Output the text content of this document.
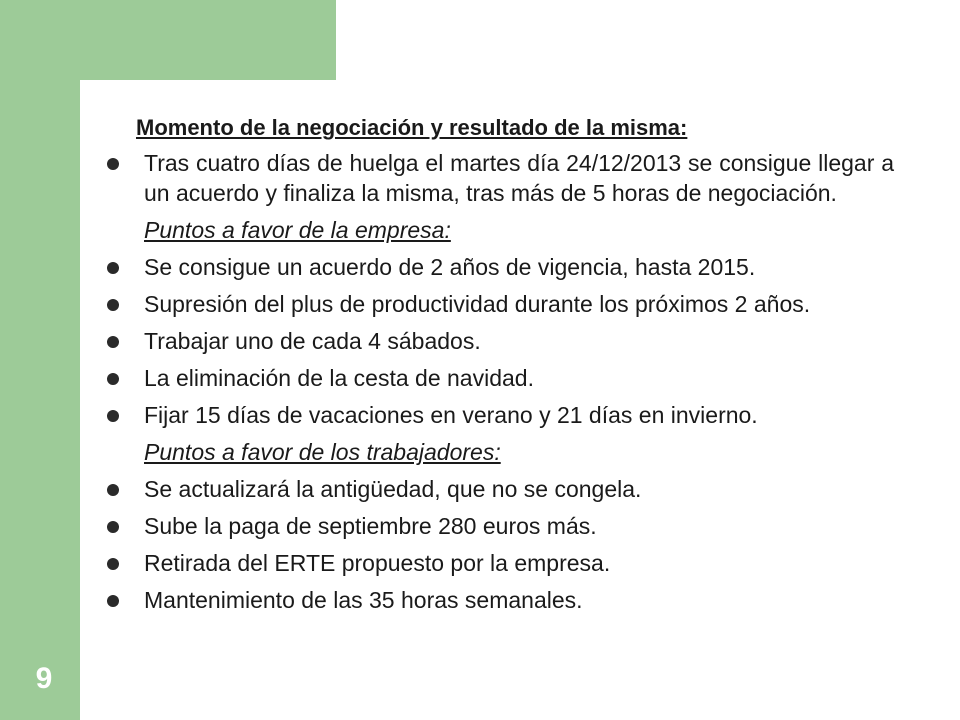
9
Momento de la negociación y resultado de la misma:
Tras cuatro días de huelga el martes día 24/12/2013 se consigue llegar a un acuerdo y finaliza la misma, tras más de 5 horas de negociación.
Puntos a favor de la empresa:
Se consigue un acuerdo de 2 años de vigencia, hasta 2015.
Supresión del plus de productividad durante los próximos 2 años.
Trabajar uno de cada 4 sábados.
La eliminación de la cesta de navidad.
Fijar 15 días de vacaciones en verano y 21 días en invierno.
Puntos a favor de los trabajadores:
Se actualizará la antigüedad, que no se congela.
Sube la paga de septiembre 280 euros más.
Retirada del ERTE propuesto por la empresa.
Mantenimiento de las 35 horas semanales.
